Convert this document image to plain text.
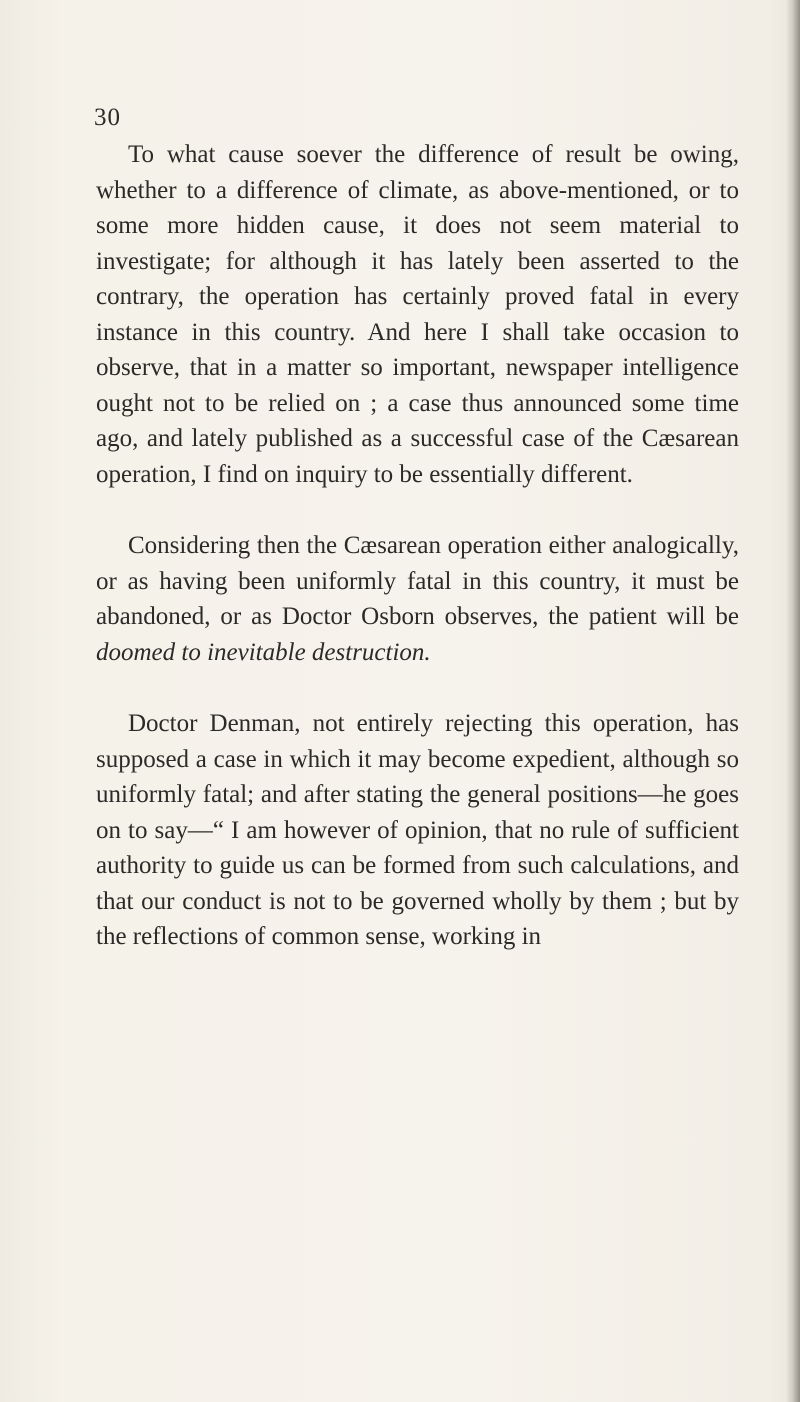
30

To what cause soever the difference of result be owing, whether to a difference of climate, as above-mentioned, or to some more hidden cause, it does not seem material to investigate; for although it has lately been asserted to the contrary, the operation has certainly proved fatal in every instance in this country. And here I shall take occasion to observe, that in a matter so important, newspaper intelligence ought not to be relied on ; a case thus announced some time ago, and lately published as a successful case of the Cæsarean operation, I find on inquiry to be essentially different.

Considering then the Cæsarean operation either analogically, or as having been uniformly fatal in this country, it must be abandoned, or as Doctor Osborn observes, the patient will be doomed to inevitable destruction.

Doctor Denman, not entirely rejecting this operation, has supposed a case in which it may become expedient, although so uniformly fatal; and after stating the general positions—he goes on to say—“ I am however of opinion, that no rule of sufficient authority to guide us can be formed from such calculations, and that our conduct is not to be governed wholly by them ; but by the reflections of common sense, working in
